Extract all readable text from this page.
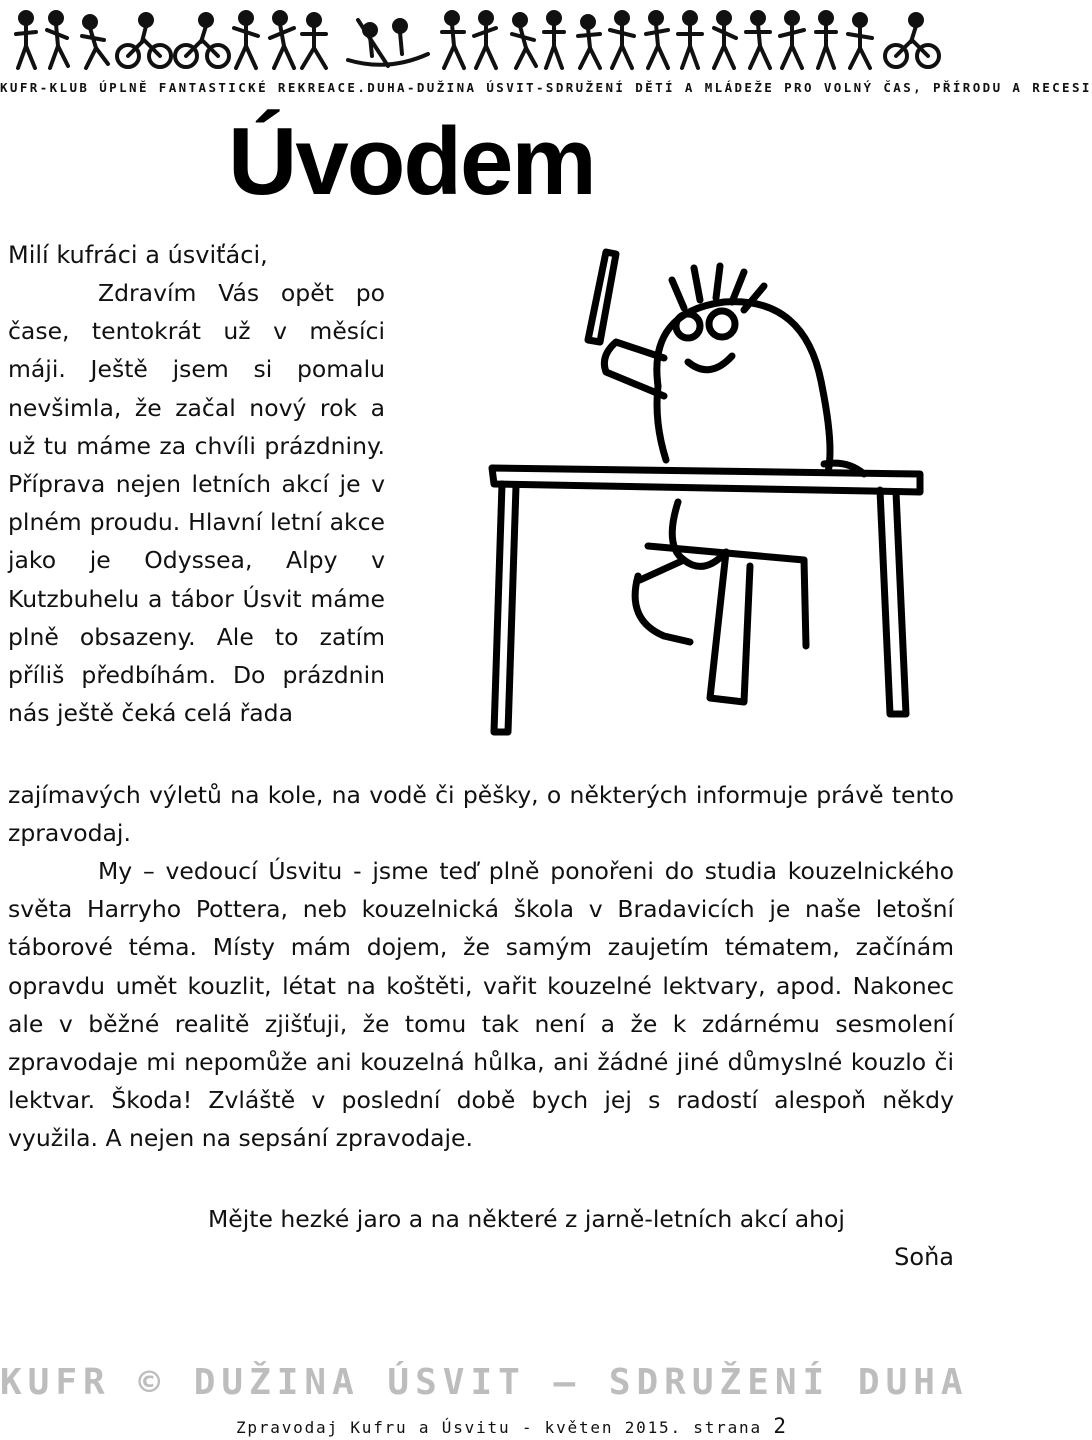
KUFR-KLUB ÚPLNĚ FANTASTICKÉ REKREACE.DUHA-DUŽINA ÚSVIT-SDRUŽENÍ DĚTÍ A MLÁDEŽE PRO VOLNÝ ČAS, PŘÍRODU A RECESI
Úvodem
Milí kufráci a úsviťáci,
Zdravím Vás opět po čase, tentokrát už v měsíci máji. Ještě jsem si pomalu nevšimla, že začal nový rok a už tu máme za chvíli prázdniny. Příprava nejen letních akcí je v plném proudu. Hlavní letní akce jako je Odyssea, Alpy v Kutzbuhelu a tábor Úsvit máme plně obsazeny. Ale to zatím příliš předbíhám. Do prázdnin nás ještě čeká celá řada
zajímavých výletů na kole, na vodě či pěšky, o některých informuje právě tento zpravodaj.
My – vedoucí Úsvitu - jsme teď plně ponořeni do studia kouzelnického světa Harryho Pottera, neb kouzelnická škola v Bradavicích je naše letošní táborové téma. Místy mám dojem, že samým zaujetím tématem, začínám opravdu umět kouzlit, létat na koštěti, vařit kouzelné lektvary, apod. Nakonec ale v běžné realitě zjišťuji, že tomu tak není a že k zdárnému sesmolení zpravodaje mi nepomůže ani kouzelná hůlka, ani žádné jiné důmyslné kouzlo či lektvar. Škoda! Zvláště v poslední době bych jej s radostí alespoň někdy využila. A nejen na sepsání zpravodaje.
Mějte hezké jaro a na některé z jarně-letních akcí ahoj
Soňa
KUFR © DUŽINA ÚSVIT – SDRUŽENÍ DUHA
Zpravodaj Kufru a Úsvitu - květen 2015. strana 2
